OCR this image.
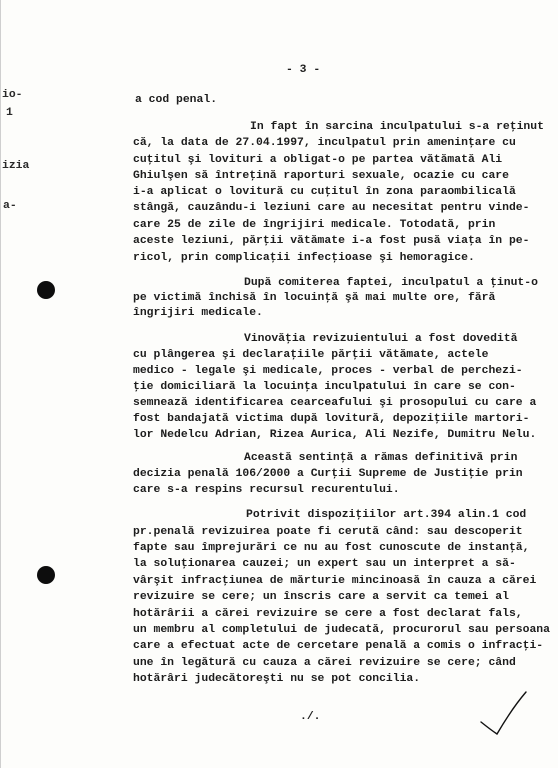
- 3 -
io-
1
izia
a-
a cod penal.
In fapt în sarcina inculpatului s-a reţinut
că, la data de 27.04.1997, inculpatul prin ameninţare cu
cuţitul şi lovituri a obligat-o pe partea vătămată Ali
Ghiulşen să întreţină raporturi sexuale, ocazie cu care
i-a aplicat o lovitură cu cuţitul în zona paraombilicală
stângă, cauzându-i leziuni care au necesitat pentru vinde-
care 25 de zile de îngrijiri medicale. Totodată, prin
aceste leziuni, părţii vătămate i-a fost pusă viaţa în pe-
ricol, prin complicaţii infecţioase şi hemoragice.
După comiterea faptei, inculpatul a ţinut-o
pe victimă închisă în locuinţă şă mai multe ore, fără
îngrijiri medicale.
Vinovăţia revizuientului a fost dovedită
cu plângerea şi declaraţiile părţii vătămate, actele
medico - legale şi medicale, proces - verbal de perchezi-
ţie domiciliară la locuinţa inculpatului în care se con-
semnează identificarea cearceafului şi prosopului cu care a
fost bandajată victima după lovitură, depoziţiile martori-
lor Nedelcu Adrian, Rizea Aurica, Ali Nezife, Dumitru Nelu.
Această sentinţă a rămas definitivă prin
decizia penală 106/2000 a Curţii Supreme de Justiţie prin
care s-a respins recursul recurentului.
Potrivit dispoziţiilor art.394 alin.1 cod
pr.penală revizuirea poate fi cerută când: sau descoperit
fapte sau împrejurări ce nu au fost cunoscute de instanţă,
la soluţionarea cauzei; un expert sau un interpret a să-
vârşit infracţiunea de mărturie mincinoasă în cauza a cărei
revizuire se cere; un înscris care a servit ca temei al
hotărârii a cărei revizuire se cere a fost declarat fals,
un membru al completului de judecată, procurorul sau persoana
care a efectuat acte de cercetare penală a comis o infracţi-
une în legătură cu cauza a cărei revizuire se cere; când
hotărâri judecătoreşti nu se pot concilia.
./.
